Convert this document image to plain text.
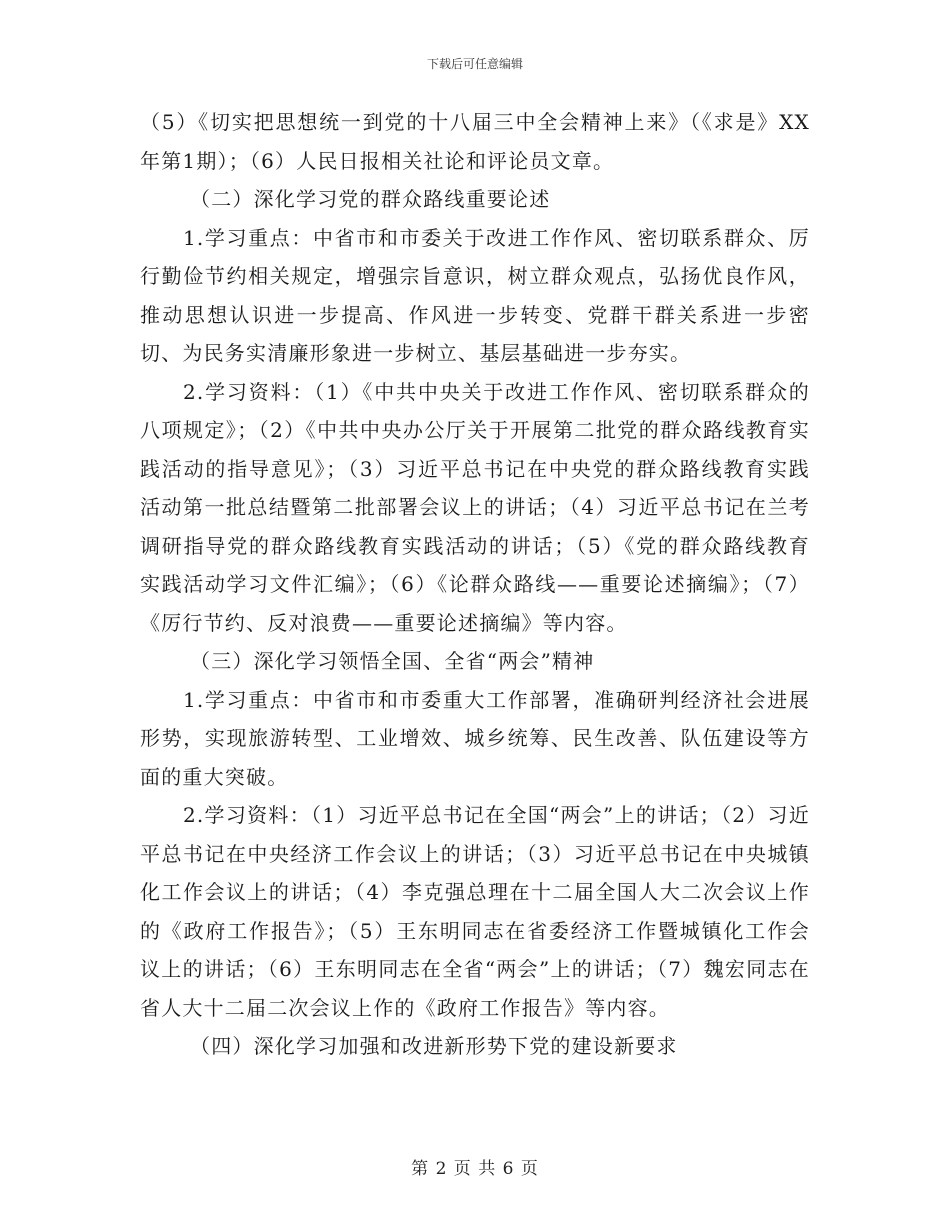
下载后可任意编辑

（5）《切实把思想统一到党的十八届三中全会精神上来》（《求是》XX年第1期）；（6）人民日报相关社论和评论员文章。

（二）深化学习党的群众路线重要论述

1.学习重点：中省市和市委关于改进工作作风、密切联系群众、厉行勤俭节约相关规定，增强宗旨意识，树立群众观点，弘扬优良作风，推动思想认识进一步提高、作风进一步转变、党群干群关系进一步密切、为民务实清廉形象进一步树立、基层基础进一步夯实。

2.学习资料：（1）《中共中央关于改进工作作风、密切联系群众的八项规定》；（2）《中共中央办公厅关于开展第二批党的群众路线教育实践活动的指导意见》；（3）习近平总书记在中央党的群众路线教育实践活动第一批总结暨第二批部署会议上的讲话；（4）习近平总书记在兰考调研指导党的群众路线教育实践活动的讲话；（5）《党的群众路线教育实践活动学习文件汇编》；（6）《论群众路线——重要论述摘编》；（7）《厉行节约、反对浪费——重要论述摘编》等内容。

（三）深化学习领悟全国、全省“两会”精神

1.学习重点：中省市和市委重大工作部署，准确研判经济社会进展形势，实现旅游转型、工业增效、城乡统筹、民生改善、队伍建设等方面的重大突破。

2.学习资料：（1）习近平总书记在全国“两会”上的讲话；（2）习近平总书记在中央经济工作会议上的讲话；（3）习近平总书记在中央城镇化工作会议上的讲话；（4）李克强总理在十二届全国人大二次会议上作的《政府工作报告》；（5）王东明同志在省委经济工作暨城镇化工作会议上的讲话；（6）王东明同志在全省“两会”上的讲话；（7）魏宏同志在省人大十二届二次会议上作的《政府工作报告》等内容。

（四）深化学习加强和改进新形势下党的建设新要求

第 2 页 共 6 页
